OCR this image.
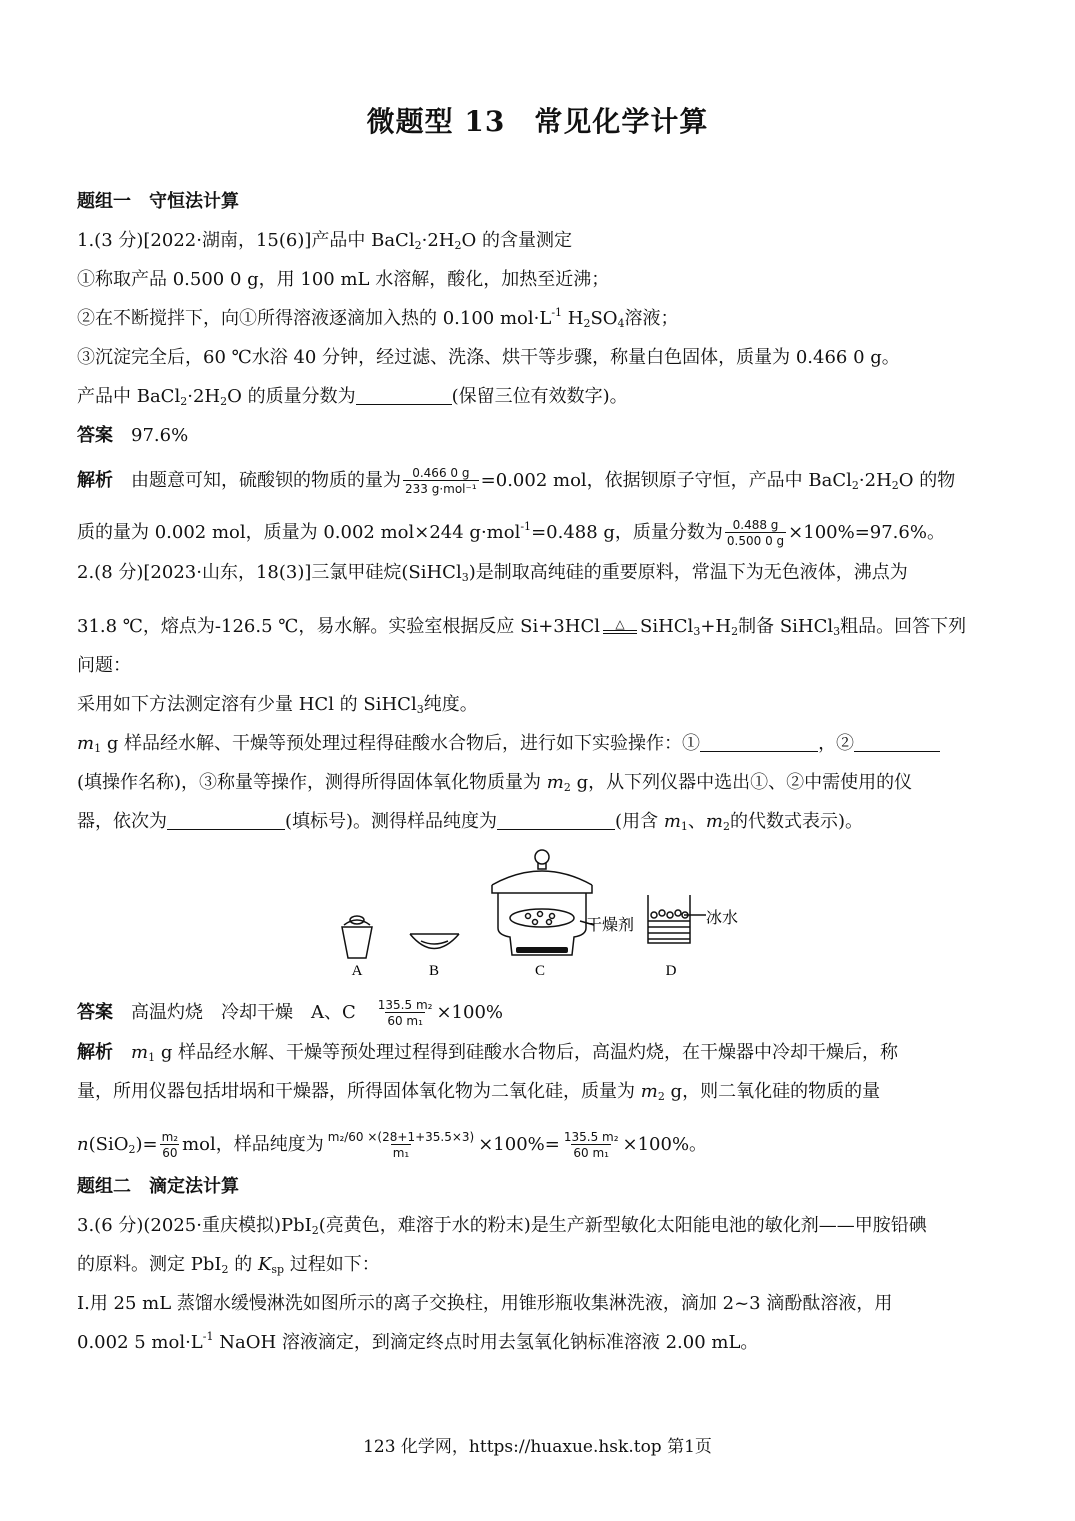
微题型 13　常见化学计算
题组一　守恒法计算
1.(3 分)[2022·湖南，15(6)]产品中 $BaCl_2\cdot 2H_2O$ 的含量测定
①称取产品 0.500 0 g，用 100 mL 水溶解，酸化，加热至近沸；
②在不断搅拌下，向①所得溶液逐滴加入热的 0.100 $mol\cdot L^{-1}$ $H_2SO_4$溶液；
③沉淀完全后，60 ℃水浴 40 分钟，经过滤、洗涤、烘干等步骤，称量白色固体，质量为 0.466 0 g。
产品中 $BaCl_2\cdot 2H_2O$ 的质量分数为	(保留三位有效数字)。
答案 97.6%
解析 由题意可知，硫酸钡的物质的量为 $\frac{0.466 0 g}{\text{233 g·mol⁻¹}} =0.002$ mol，依据钡原子守恒，产品中 $BaCl_2\cdot 2H_2O$ 的物
质的量为 0.002 mol，质量为 0.002 mol×244 g·mol$^{-1}$=0.488 g，质量分数为 $\frac{0.488 g}{0.500 0 g} \times 100\%=97.6\%$。
2.(8 分)[2023·山东，18(3)]三氯甲硅烷(SiHCl$_3$)是制取高纯硅的重要原料，常温下为无色液体，沸点为
31.8 ℃，熔点为-126.5 ℃，易水解。实验室根据反应 Si+3HCl △ $SiHCl_3+H_2$制备 SiHCl$_3$粗品。回答下列
问题：
采用如下方法测定溶有少量 HCl 的 SiHCl$_3$纯度。
$m_1$ g 样品经水解、干燥等预处理过程得硅酸水合物后，进行如下实验操作：①	，②
(填操作名称)，③称量等操作，测得所得固体氧化物质量为 $m_2$ g，从下列仪器中选出①、②中需使用的仪
器，依次为	(填标号)。测得样品纯度为	(用含 $m_1$、$m_2$的代数式表示)。
A	B	C	D
干燥剂	冰水
答案 高温灼烧　冷却干燥　A、C $\frac{\text{135.5 m₂}}{\text{60 m₁}} \times 100\%$
解析 $m_1$ g 样品经水解、干燥等预处理过程得到硅酸水合物后，高温灼烧，在干燥器中冷却干燥后，称
量，所用仪器包括坩埚和干燥器，所得固体氧化物为二氧化硅，质量为 $m_2$ g，则二氧化硅的物质的量
$n(SiO_2)= \frac{\text{m₂}}{60}$ mol，样品纯度为 $\frac{\text{m₂/60 ×(28+1+35.5×3)}}{\text{m₁}} \times 100\%= \frac{\text{135.5 m₂}}{\text{60 m₁}} \times 100\%$。
题组二　滴定法计算
3.(6 分)(2025·重庆模拟)PbI$_2$(亮黄色，难溶于水的粉末)是生产新型敏化太阳能电池的敏化剂——甲胺铅碘
的原料。测定 PbI$_2$ 的 $K_{sp}$ 过程如下：
Ⅰ.用 25 mL 蒸馏水缓慢淋洗如图所示的离子交换柱，用锥形瓶收集淋洗液，滴加 2~3 滴酚酞溶液，用
0.002 5 $mol\cdot L^{-1}$ NaOH 溶液滴定，到滴定终点时用去氢氧化钠标准溶液 2.00 mL。
123 化学网，https://huaxue.hsk.top 第1页
